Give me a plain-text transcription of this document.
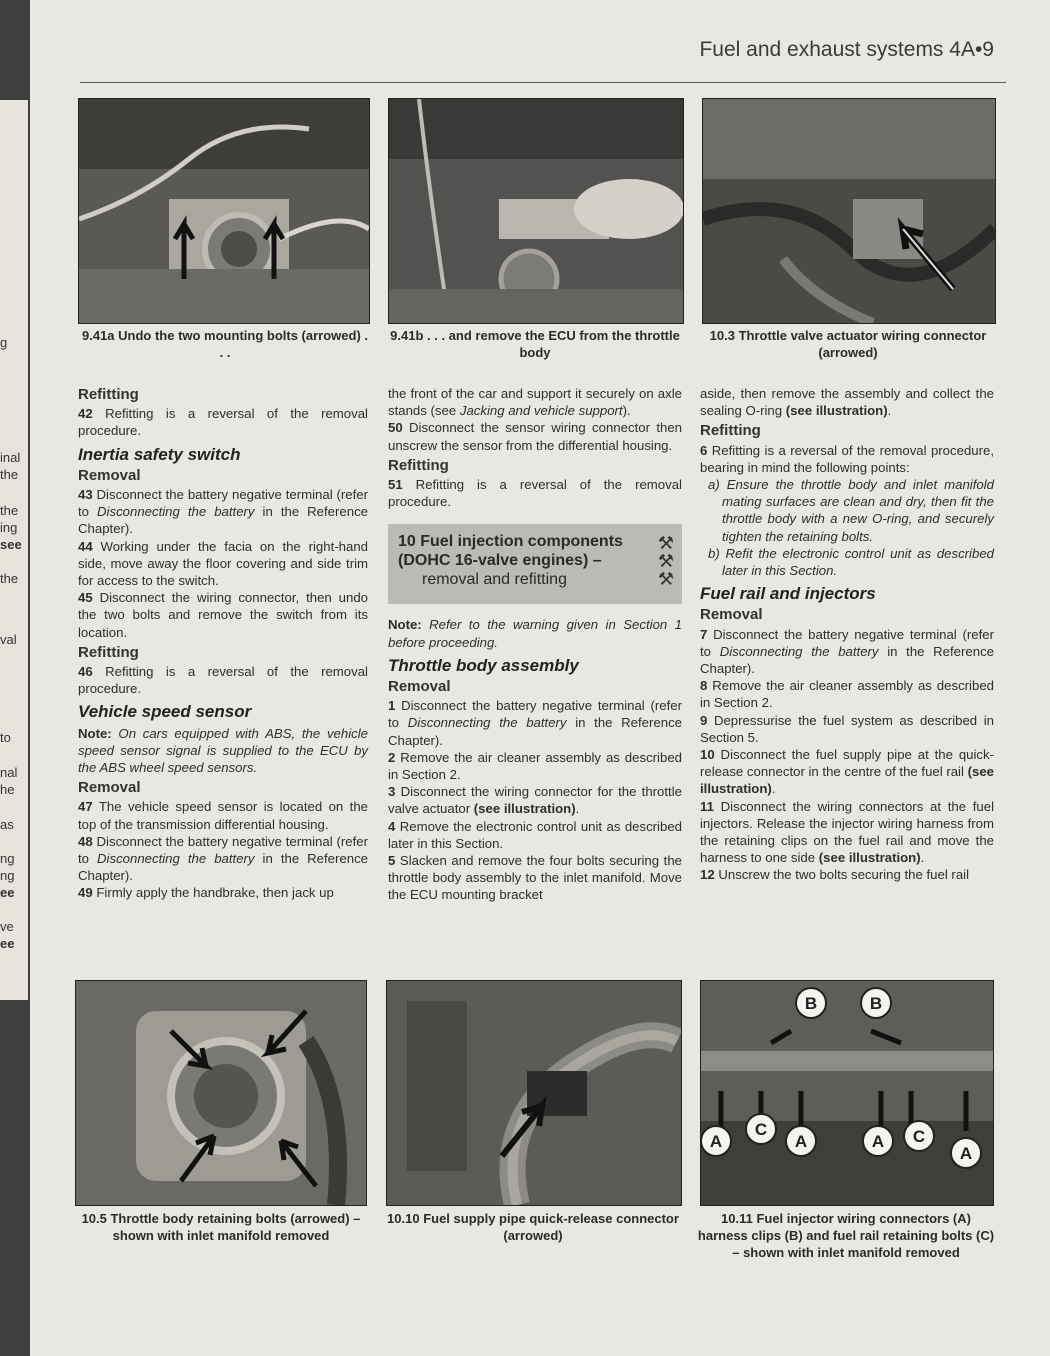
g
inal
the
the
ing
see
the
val
to
nal
he
as
ng
ng
ee
ve
ee
Fuel and exhaust systems 4A•9
9.41a Undo the two mounting bolts (arrowed) . . .
9.41b . . . and remove the ECU from the throttle body
10.3 Throttle valve actuator wiring connector (arrowed)
Refitting

42 Refitting is a reversal of the removal procedure.

Inertia safety switch
Removal

43 Disconnect the battery negative terminal (refer to Disconnecting the battery in the Reference Chapter).

44 Working under the facia on the right-hand side, move away the floor covering and side trim for access to the switch.

45 Disconnect the wiring connector, then undo the two bolts and remove the switch from its location.

Refitting

46 Refitting is a reversal of the removal procedure.

Vehicle speed sensor

Note: On cars equipped with ABS, the vehicle speed sensor signal is supplied to the ECU by the ABS wheel speed sensors.

Removal

47 The vehicle speed sensor is located on the top of the transmission differential housing.

48 Disconnect the battery negative terminal (refer to Disconnecting the battery in the Reference Chapter).

49 Firmly apply the handbrake, then jack up

the front of the car and support it securely on axle stands (see Jacking and vehicle support).

50 Disconnect the sensor wiring connector then unscrew the sensor from the differential housing.

Refitting

51 Refitting is a reversal of the removal procedure.

10 Fuel injection components (DOHC 16-valve engines) –
removal and refitting
⚒
⚒
⚒

Note: Refer to the warning given in Section 1 before proceeding.

Throttle body assembly
Removal

1 Disconnect the battery negative terminal (refer to Disconnecting the battery in the Reference Chapter).

2 Remove the air cleaner assembly as described in Section 2.

3 Disconnect the wiring connector for the throttle valve actuator (see illustration).

4 Remove the electronic control unit as described later in this Section.

5 Slacken and remove the four bolts securing the throttle body assembly to the inlet manifold. Move the ECU mounting bracket

aside, then remove the assembly and collect the sealing O-ring (see illustration).

Refitting

6 Refitting is a reversal of the removal procedure, bearing in mind the following points:

a) Ensure the throttle body and inlet manifold mating surfaces are clean and dry, then fit the throttle body with a new O-ring, and securely tighten the retaining bolts.

b) Refit the electronic control unit as described later in this Section.

Fuel rail and injectors
Removal

7 Disconnect the battery negative terminal (refer to Disconnecting the battery in the Reference Chapter).

8 Remove the air cleaner assembly as described in Section 2.

9 Depressurise the fuel system as described in Section 5.

10 Disconnect the fuel supply pipe at the quick-release connector in the centre of the fuel rail (see illustration).

11 Disconnect the wiring connectors at the fuel injectors. Release the injector wiring harness from the retaining clips on the fuel rail and move the harness to one side (see illustration).

12 Unscrew the two bolts securing the fuel rail

B	B
A
C
A	A C
A
10.5 Throttle body retaining bolts (arrowed) – shown with inlet manifold removed
10.10 Fuel supply pipe quick-release connector (arrowed)
10.11 Fuel injector wiring connectors (A) harness clips (B) and fuel rail retaining bolts (C) – shown with inlet manifold removed
